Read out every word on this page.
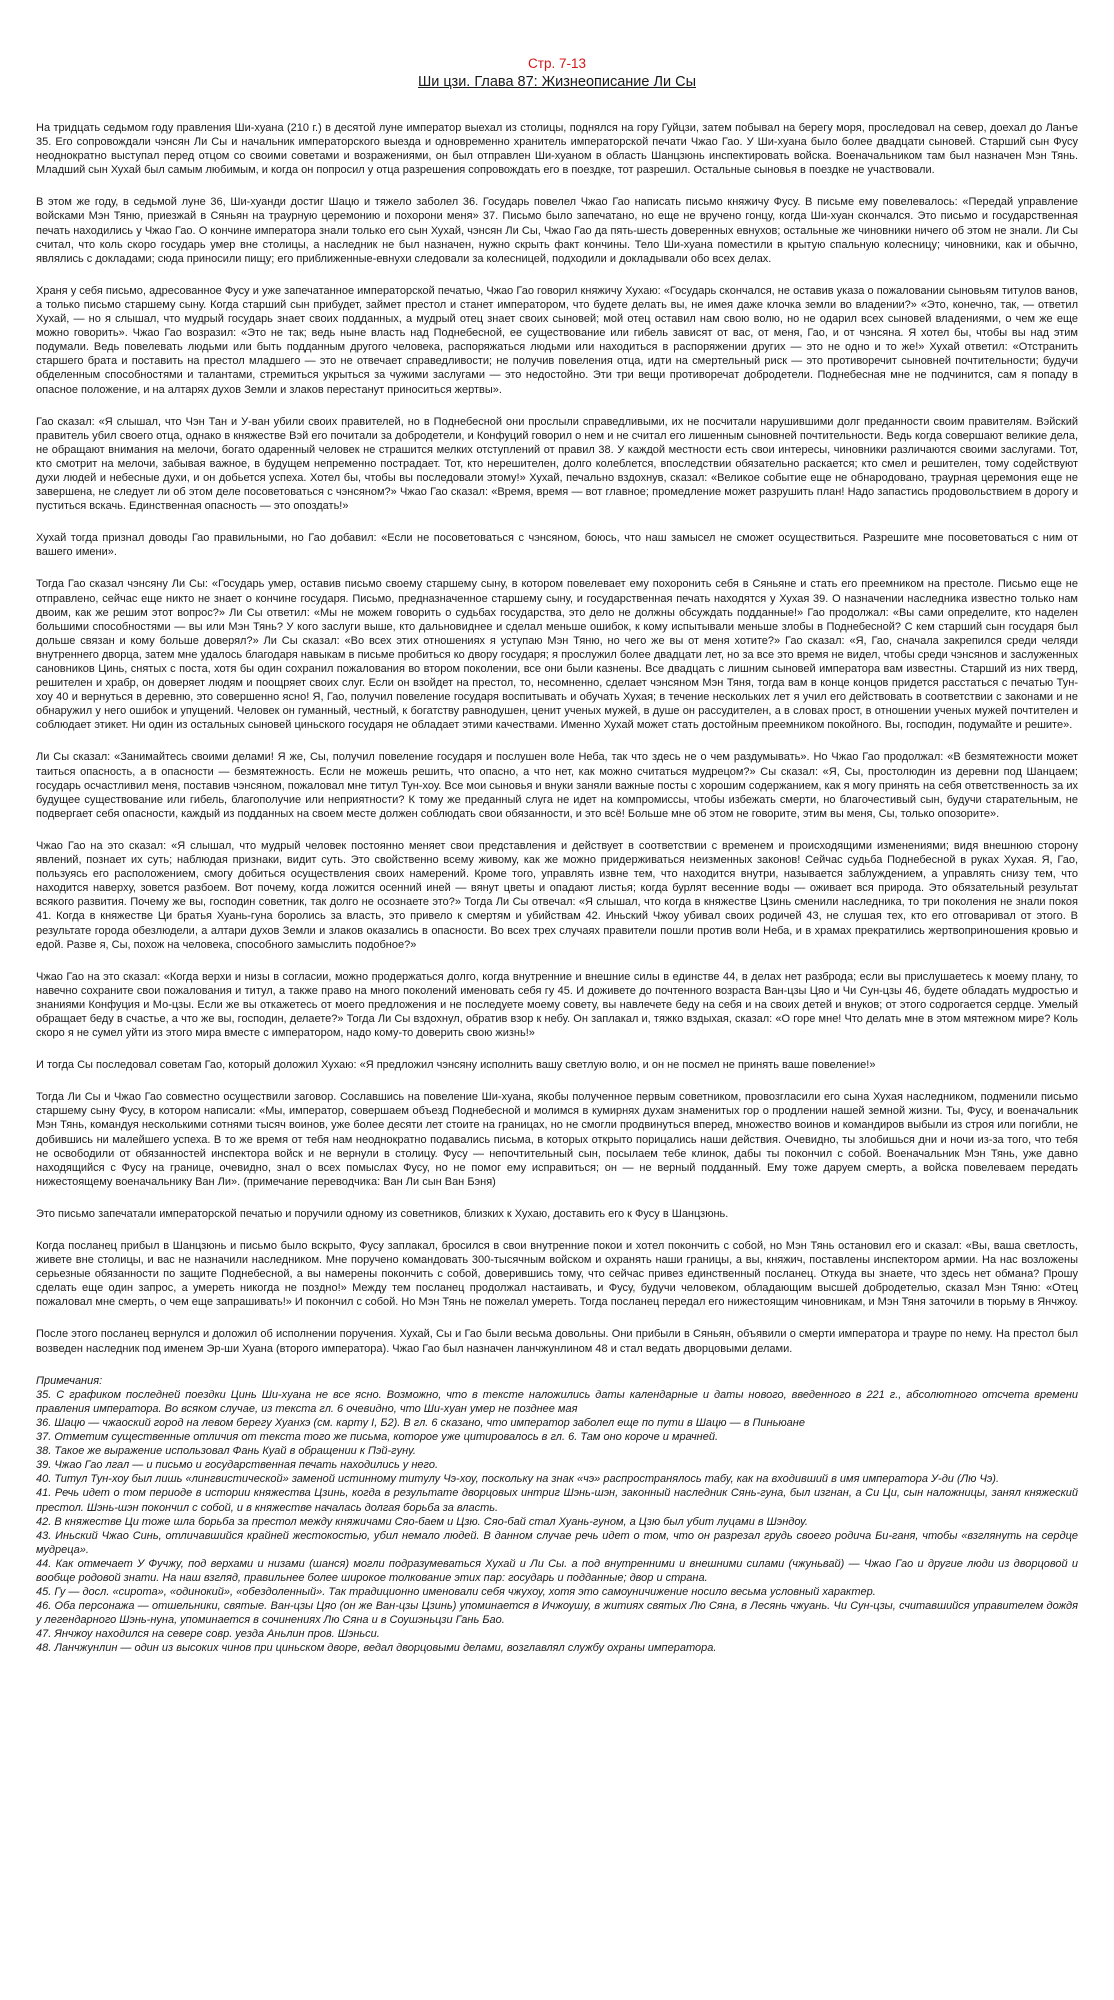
Стр. 7-13
Ши цзи. Глава 87: Жизнеописание Ли Сы

На тридцать седьмом году правления Ши-хуана (210 г.) в десятой луне император выехал из столицы, поднялся на гору Гуйцзи, затем побывал на берегу моря, проследовал на север, доехал до Ланъе 35. Его сопровождали чэнсян Ли Сы и начальник императорского выезда и одновременно хранитель императорской печати Чжао Гао. У Ши-хуана было более двадцати сыновей. Старший сын Фусу неоднократно выступал перед отцом со своими советами и возражениями, он был отправлен Ши-хуаном в область Шанцзюнь инспектировать войска. Военачальником там был назначен Мэн Тянь. Младший сын Хухай был самым любимым, и когда он попросил у отца разрешения сопровождать его в поездке, тот разрешил. Остальные сыновья в поездке не участвовали.

В этом же году, в седьмой луне 36, Ши-хуанди достиг Шацю и тяжело заболел 36. Государь повелел Чжао Гао написать письмо княжичу Фусу. В письме ему повелевалось: «Передай управление войсками Мэн Тяню, приезжай в Сяньян на траурную церемонию и похорони меня» 37. Письмо было запечатано, но еще не вручено гонцу, когда Ши-хуан скончался. Это письмо и государственная печать находились у Чжао Гао. О кончине императора знали только его сын Хухай, чэнсян Ли Сы, Чжао Гао да пять-шесть доверенных евнухов; остальные же чиновники ничего об этом не знали. Ли Сы считал, что коль скоро государь умер вне столицы, а наследник не был назначен, нужно скрыть факт кончины. Тело Ши-хуана поместили в крытую спальную колесницу; чиновники, как и обычно, являлись с докладами; сюда приносили пищу; его приближенные-евнухи следовали за колесницей, подходили и докладывали обо всех делах.

Храня у себя письмо, адресованное Фусу и уже запечатанное императорской печатью, Чжао Гао говорил княжичу Хухаю: «Государь скончался, не оставив указа о пожаловании сыновьям титулов ванов, а только письмо старшему сыну. Когда старший сын прибудет, займет престол и станет императором, что будете делать вы, не имея даже клочка земли во владении?» «Это, конечно, так, — ответил Хухай, — но я слышал, что мудрый государь знает своих подданных, а мудрый отец знает своих сыновей; мой отец оставил нам свою волю, но не одарил всех сыновей владениями, о чем же еще можно говорить». Чжао Гао возразил: «Это не так; ведь ныне власть над Поднебесной, ее существование или гибель зависят от вас, от меня, Гао, и от чэнсяна. Я хотел бы, чтобы вы над этим подумали. Ведь повелевать людьми или быть подданным другого человека, распоряжаться людьми или находиться в распоряжении других — это не одно и то же!» Хухай ответил: «Отстранить старшего брата и поставить на престол младшего — это не отвечает справедливости; не получив повеления отца, идти на смертельный риск — это противоречит сыновней почтительности; будучи обделенным способностями и талантами, стремиться укрыться за чужими заслугами — это недостойно. Эти три вещи противоречат добродетели. Поднебесная мне не подчинится, сам я попаду в опасное положение, и на алтарях духов Земли и злаков перестанут приноситься жертвы».

Гао сказал: «Я слышал, что Чэн Тан и У-ван убили своих правителей, но в Поднебесной они прослыли справедливыми, их не посчитали нарушившими долг преданности своим правителям. Вэйский правитель убил своего отца, однако в княжестве Вэй его почитали за добродетели, и Конфуций говорил о нем и не считал его лишенным сыновней почтительности. Ведь когда совершают великие дела, не обращают внимания на мелочи, богато одаренный человек не страшится мелких отступлений от правил 38. У каждой местности есть свои интересы, чиновники различаются своими заслугами. Тот, кто смотрит на мелочи, забывая важное, в будущем непременно пострадает. Тот, кто нерешителен, долго колеблется, впоследствии обязательно раскается; кто смел и решителен, тому содействуют духи людей и небесные духи, и он добьется успеха. Хотел бы, чтобы вы последовали этому!» Хухай, печально вздохнув, сказал: «Великое событие еще не обнародовано, траурная церемония еще не завершена, не следует ли об этом деле посоветоваться с чэнсяном?» Чжао Гао сказал: «Время, время — вот главное; промедление может разрушить план! Надо запастись продовольствием в дорогу и пуститься вскачь. Единственная опасность — это опоздать!»

Хухай тогда признал доводы Гао правильными, но Гао добавил: «Если не посоветоваться с чэнсяном, боюсь, что наш замысел не сможет осуществиться. Разрешите мне посоветоваться с ним от вашего имени».

Тогда Гао сказал чэнсяну Ли Сы: «Государь умер, оставив письмо своему старшему сыну, в котором повелевает ему похоронить себя в Сяньяне и стать его преемником на престоле. Письмо еще не отправлено, сейчас еще никто не знает о кончине государя. Письмо, предназначенное старшему сыну, и государственная печать находятся у Хухая 39. О назначении наследника известно только нам двоим, как же решим этот вопрос?» Ли Сы ответил: «Мы не можем говорить о судьбах государства, это дело не должны обсуждать подданные!» Гао продолжал: «Вы сами определите, кто наделен большими способностями — вы или Мэн Тянь? У кого заслуги выше, кто дальновиднее и сделал меньше ошибок, к кому испытывали меньше злобы в Поднебесной? С кем старший сын государя был дольше связан и кому больше доверял?» Ли Сы сказал: «Во всех этих отношениях я уступаю Мэн Тяню, но чего же вы от меня хотите?» Гао сказал: «Я, Гао, сначала закрепился среди челяди внутреннего дворца, затем мне удалось благодаря навыкам в письме пробиться ко двору государя; я прослужил более двадцати лет, но за все это время не видел, чтобы среди чэнсянов и заслуженных сановников Цинь, снятых с поста, хотя бы один сохранил пожалования во втором поколении, все они были казнены. Все двадцать с лишним сыновей императора вам известны. Старший из них тверд, решителен и храбр, он доверяет людям и поощряет своих слуг. Если он взойдет на престол, то, несомненно, сделает чэнсяном Мэн Тяня, тогда вам в конце концов придется расстаться с печатью Тун-хоу 40 и вернуться в деревню, это совершенно ясно! Я, Гао, получил повеление государя воспитывать и обучать Хухая; в течение нескольких лет я учил его действовать в соответствии с законами и не обнаружил у него ошибок и упущений. Человек он гуманный, честный, к богатству равнодушен, ценит ученых мужей, в душе он рассудителен, а в словах прост, в отношении ученых мужей почтителен и соблюдает этикет. Ни один из остальных сыновей циньского государя не обладает этими качествами. Именно Хухай может стать достойным преемником покойного. Вы, господин, подумайте и решите».

Ли Сы сказал: «Занимайтесь своими делами! Я же, Сы, получил повеление государя и послушен воле Неба, так что здесь не о чем раздумывать». Но Чжао Гао продолжал: «В безмятежности может таиться опасность, а в опасности — безмятежность. Если не можешь решить, что опасно, а что нет, как можно считаться мудрецом?» Сы сказал: «Я, Сы, простолюдин из деревни под Шанцаем; государь осчастливил меня, поставив чэнсяном, пожаловал мне титул Тун-хоу. Все мои сыновья и внуки заняли важные посты с хорошим содержанием, как я могу принять на себя ответственность за их будущее существование или гибель, благополучие или неприятности? К тому же преданный слуга не идет на компромиссы, чтобы избежать смерти, но благочестивый сын, будучи старательным, не подвергает себя опасности, каждый из подданных на своем месте должен соблюдать свои обязанности, и это всё! Больше мне об этом не говорите, этим вы меня, Сы, только опозорите».

Чжао Гао на это сказал: «Я слышал, что мудрый человек постоянно меняет свои представления и действует в соответствии с временем и происходящими изменениями; видя внешнюю сторону явлений, познает их суть; наблюдая признаки, видит суть. Это свойственно всему живому, как же можно придерживаться неизменных законов! Сейчас судьба Поднебесной в руках Хухая. Я, Гао, пользуясь его расположением, смогу добиться осуществления своих намерений. Кроме того, управлять извне тем, что находится внутри, называется заблуждением, а управлять снизу тем, что находится наверху, зовется разбоем. Вот почему, когда ложится осенний иней — вянут цветы и опадают листья; когда бурлят весенние воды — оживает вся природа. Это обязательный результат всякого развития. Почему же вы, господин советник, так долго не осознаете это?» Тогда Ли Сы отвечал: «Я слышал, что когда в княжестве Цзинь сменили наследника, то три поколения не знали покоя 41. Когда в княжестве Ци братья Хуань-гуна боролись за власть, это привело к смертям и убийствам 42. Иньский Чжоу убивал своих родичей 43, не слушая тех, кто его отговаривал от этого. В результате города обезлюдели, а алтари духов Земли и злаков оказались в опасности. Во всех трех случаях правители пошли против воли Неба, и в храмах прекратились жертвоприношения кровью и едой. Разве я, Сы, похож на человека, способного замыслить подобное?»

Чжао Гао на это сказал: «Когда верхи и низы в согласии, можно продержаться долго, когда внутренние и внешние силы в единстве 44, в делах нет разброда; если вы прислушаетесь к моему плану, то навечно сохраните свои пожалования и титул, а также право на много поколений именовать себя гу 45. И доживете до почтенного возраста Ван-цзы Цяо и Чи Сун-цзы 46, будете обладать мудростью и знаниями Конфуция и Мо-цзы. Если же вы откажетесь от моего предложения и не последуете моему совету, вы навлечете беду на себя и на своих детей и внуков; от этого содрогается сердце. Умелый обращает беду в счастье, а что же вы, господин, делаете?» Тогда Ли Сы вздохнул, обратив взор к небу. Он заплакал и, тяжко вздыхая, сказал: «О горе мне! Что делать мне в этом мятежном мире? Коль скоро я не сумел уйти из этого мира вместе с императором, надо кому-то доверить свою жизнь!»

И тогда Сы последовал советам Гао, который доложил Хухаю: «Я предложил чэнсяну исполнить вашу светлую волю, и он не посмел не принять ваше повеление!»

Тогда Ли Сы и Чжао Гао совместно осуществили заговор. Сославшись на повеление Ши-хуана, якобы полученное первым советником, провозгласили его сына Хухая наследником, подменили письмо старшему сыну Фусу, в котором написали: «Мы, император, совершаем объезд Поднебесной и молимся в кумирнях духам знаменитых гор о продлении нашей земной жизни. Ты, Фусу, и военачальник Мэн Тянь, командуя несколькими сотнями тысяч воинов, уже более десяти лет стоите на границах, но не смогли продвинуться вперед, множество воинов и командиров выбыли из строя или погибли, не добившись ни малейшего успеха. В то же время от тебя нам неоднократно подавались письма, в которых открыто порицались наши действия. Очевидно, ты злобишься дни и ночи из-за того, что тебя не освободили от обязанностей инспектора войск и не вернули в столицу. Фусу — непочтительный сын, посылаем тебе клинок, дабы ты покончил с собой. Военачальник Мэн Тянь, уже давно находящийся с Фусу на границе, очевидно, знал о всех помыслах Фусу, но не помог ему исправиться; он — не верный подданный. Ему тоже даруем смерть, а войска повелеваем передать нижестоящему военачальнику Ван Ли». (примечание переводчика: Ван Ли сын Ван Бэня)

Это письмо запечатали императорской печатью и поручили одному из советников, близких к Хухаю, доставить его к Фусу в Шанцзюнь.

Когда посланец прибыл в Шанцзюнь и письмо было вскрыто, Фусу заплакал, бросился в свои внутренние покои и хотел покончить с собой, но Мэн Тянь остановил его и сказал: «Вы, ваша светлость, живете вне столицы, и вас не назначили наследником. Мне поручено командовать 300-тысячным войском и охранять наши границы, а вы, княжич, поставлены инспектором армии. На нас возложены серьезные обязанности по защите Поднебесной, а вы намерены покончить с собой, доверившись тому, что сейчас привез единственный посланец. Откуда вы знаете, что здесь нет обмана? Прошу сделать еще один запрос, а умереть никогда не поздно!» Между тем посланец продолжал настаивать, и Фусу, будучи человеком, обладающим высшей добродетелью, сказал Мэн Тяню: «Отец пожаловал мне смерть, о чем еще запрашивать!» И покончил с собой. Но Мэн Тянь не пожелал умереть. Тогда посланец передал его нижестоящим чиновникам, и Мэн Тяня заточили в тюрьму в Янчжоу.

После этого посланец вернулся и доложил об исполнении поручения. Хухай, Сы и Гао были весьма довольны. Они прибыли в Сяньян, объявили о смерти императора и трауре по нему. На престол был возведен наследник под именем Эр-ши Хуана (второго императора). Чжао Гао был назначен ланчжунлином 48 и стал ведать дворцовыми делами.

Примечания:

35. С графиком последней поездки Цинь Ши-хуана не все ясно. Возможно, что в тексте наложились даты календарные и даты нового, введенного в 221 г., абсолютного отсчета времени правления императора. Во всяком случае, из текста гл. 6 очевидно, что Ши-хуан умер не позднее мая

36. Шацю — чжаоский город на левом берегу Хуанхэ (см. карту I, Б2). В гл. 6 сказано, что император заболел еще по пути в Шацю — в Пиньюане

37. Отметим существенные отличия от текста того же письма, которое уже цитировалось в гл. 6. Там оно короче и мрачней.

38. Такое же выражение использовал Фань Куай в обращении к Пэй-гуну.

39. Чжао Гао лгал — и письмо и государственная печать находились у него.

40. Титул Тун-хоу был лишь «лингвистической» заменой истинному титулу Чэ-хоу, поскольку на знак «чэ» распространялось табу, как на входивший в имя императора У-ди (Лю Чэ).

41. Речь идет о том периоде в истории княжества Цзинь, когда в результате дворцовых интриг Шэнь-шэн, законный наследник Сянь-гуна, был изгнан, а Си Ци, сын наложницы, занял княжеский престол. Шэнь-шэн покончил с собой, и в княжестве началась долгая борьба за власть.

42. В княжестве Ци тоже шла борьба за престол между княжичами Сяо-баем и Цзю. Сяо-бай стал Хуань-гуном, а Цзю был убит луцами в Шэндоу.

43. Иньский Чжао Синь, отличавшийся крайней жестокостью, убил немало людей. В данном случае речь идет о том, что он разрезал грудь своего родича Би-ганя, чтобы «взглянуть на сердце мудреца».

44. Как отмечает У Фучжу, под верхами и низами (шанся) могли подразумеваться Хухай и Ли Сы. а под внутренними и внешними силами (чжуньвай) — Чжао Гао и другие люди из дворцовой и вообще родовой знати. На наш взгляд, правильнее более широкое толкование этих пар: государь и подданные; двор и страна.

45. Гу — досл. «сирота», «одинокий», «обездоленный». Так традиционно именовали себя чжухоу, хотя это самоуничижение носило весьма условный характер.

46. Оба персонажа — отшельники, святые. Ван-цзы Цяо (он же Ван-цзы Цзинь) упоминается в Ичжоушу, в житиях святых Лю Сяна, в Лесянь чжуань. Чи Сун-цзы, считавшийся управителем дождя у легендарного Шэнь-нуна, упоминается в сочинениях Лю Сяна и в Соушэньцзи Гань Бао.

47. Янчжоу находился на севере совр. уезда Аньлин пров. Шэньси.

48. Ланчжунлин — один из высоких чинов при циньском дворе, ведал дворцовыми делами, возглавлял службу охраны императора.
